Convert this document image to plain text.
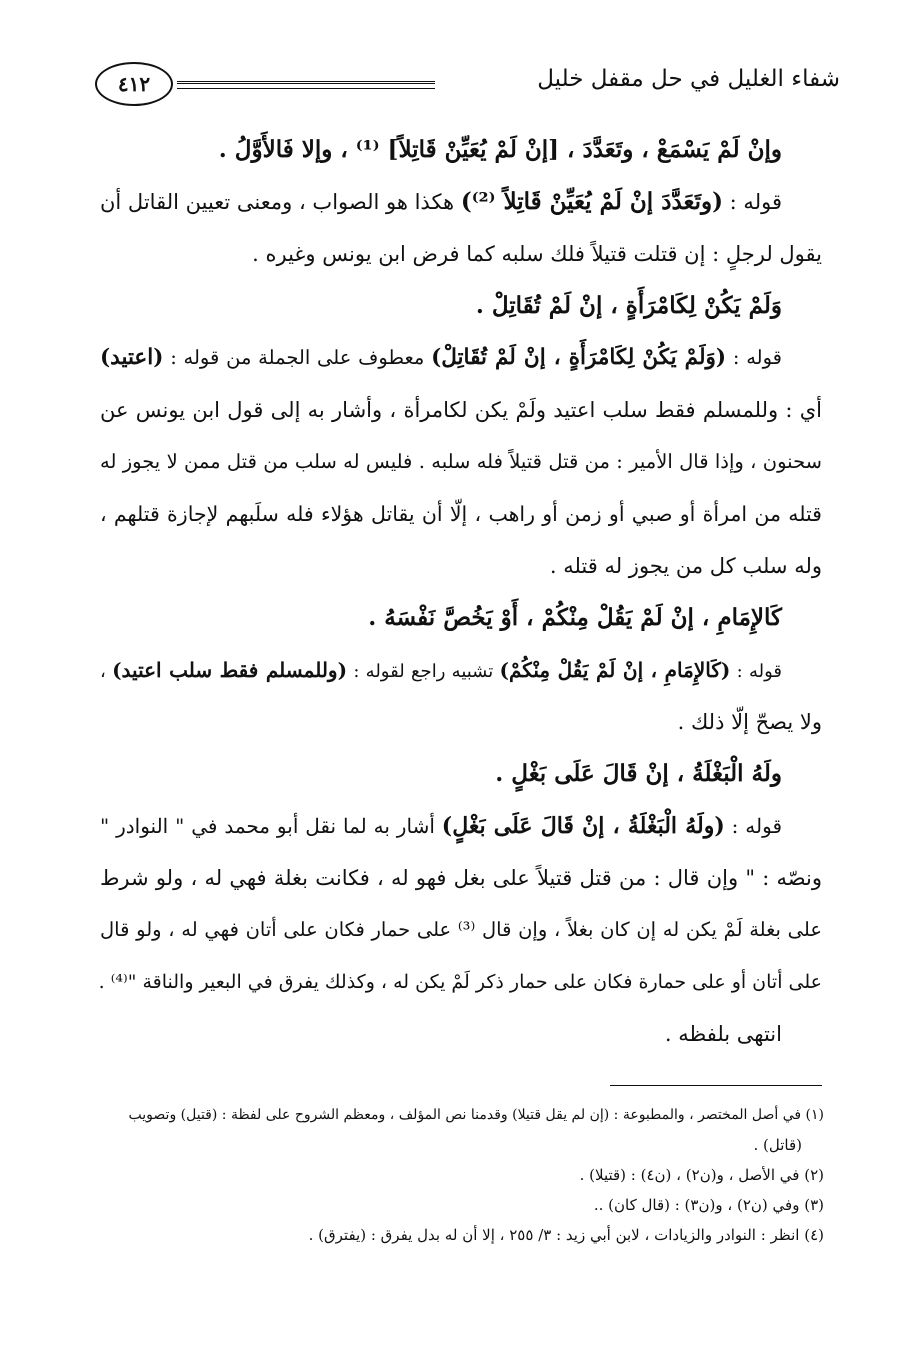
٤١٢	شفاء الغليل في حل مقفل خليل
وإنْ لَمْ يَسْمَعْ ، وتَعَدَّدَ ، [إنْ لَمْ يُعَيِّنْ قَاتِلاً] ⁽¹⁾ ، وإلا فَالأَوَّلُ .
قوله : (وتَعَدَّدَ إنْ لَمْ يُعَيِّنْ قَاتِلاً ⁽²⁾) هكذا هو الصواب ، ومعنى تعيين القاتل أن
يقول لرجلٍ : إن قتلت قتيلاً فلك سلبه كما فرض ابن يونس وغيره .
وَلَمْ يَكُنْ لِكَامْرَأَةٍ ، إنْ لَمْ تُقَاتِلْ .
قوله : (وَلَمْ يَكُنْ لِكَامْرَأَةٍ ، إنْ لَمْ تُقَاتِلْ) معطوف على الجملة من قوله : (اعتيد)
أي : وللمسلم فقط سلب اعتيد ولَمْ يكن لكامرأة ، وأشار به إلى قول ابن يونس عن
سحنون ، وإذا قال الأمير : من قتل قتيلاً فله سلبه . فليس له سلب من قتل ممن لا يجوز له
قتله من امرأة أو صبي أو زمن أو راهب ، إلّا أن يقاتل هؤلاء فله سلَبهم لإجازة قتلهم ،
وله سلب كل من يجوز له قتله .
كَالإِمَامِ ، إنْ لَمْ يَقُلْ مِنْكُمْ ، أَوْ يَخُصَّ نَفْسَهُ .
قوله : (كَالإِمَامِ ، إنْ لَمْ يَقُلْ مِنْكُمْ) تشبيه راجع لقوله : (وللمسلم فقط سلب اعتيد) ،
ولا يصحّ إلّا ذلك .
ولَهُ الْبَغْلَةُ ، إنْ قَالَ عَلَى بَغْلٍ .
قوله : (ولَهُ الْبَغْلَةُ ، إنْ قَالَ عَلَى بَغْلٍ) أشار به لما نقل أبو محمد في " النوادر "
ونصّه : " وإن قال : من قتل قتيلاً على بغل فهو له ، فكانت بغلة فهي له ، ولو شرط
على بغلة لَمْ يكن له إن كان بغلاً ، وإن قال ⁽³⁾ على حمار فكان على أتان فهي له ، ولو قال
على أتان أو على حمارة فكان على حمار ذكر لَمْ يكن له ، وكذلك يفرق في البعير والناقة "⁽⁴⁾ .
انتهى بلفظه .
(١) في أصل المختصر ، والمطبوعة : (إن لم يقل قتيلا) وقدمنا نص المؤلف ، ومعظم الشروح على لفظة : (قتيل) وتصويب
(قاتل) .
(٢) في الأصل ، و(ن٢) ، (ن٤) : (قتيلا) .
(٣) وفي (ن٢) ، و(ن٣) : (قال كان) ..
(٤) انظر : النوادر والزيادات ، لابن أبي زيد : ٣/ ٢٥٥ ، إلا أن له بدل يفرق : (يفترق) .
